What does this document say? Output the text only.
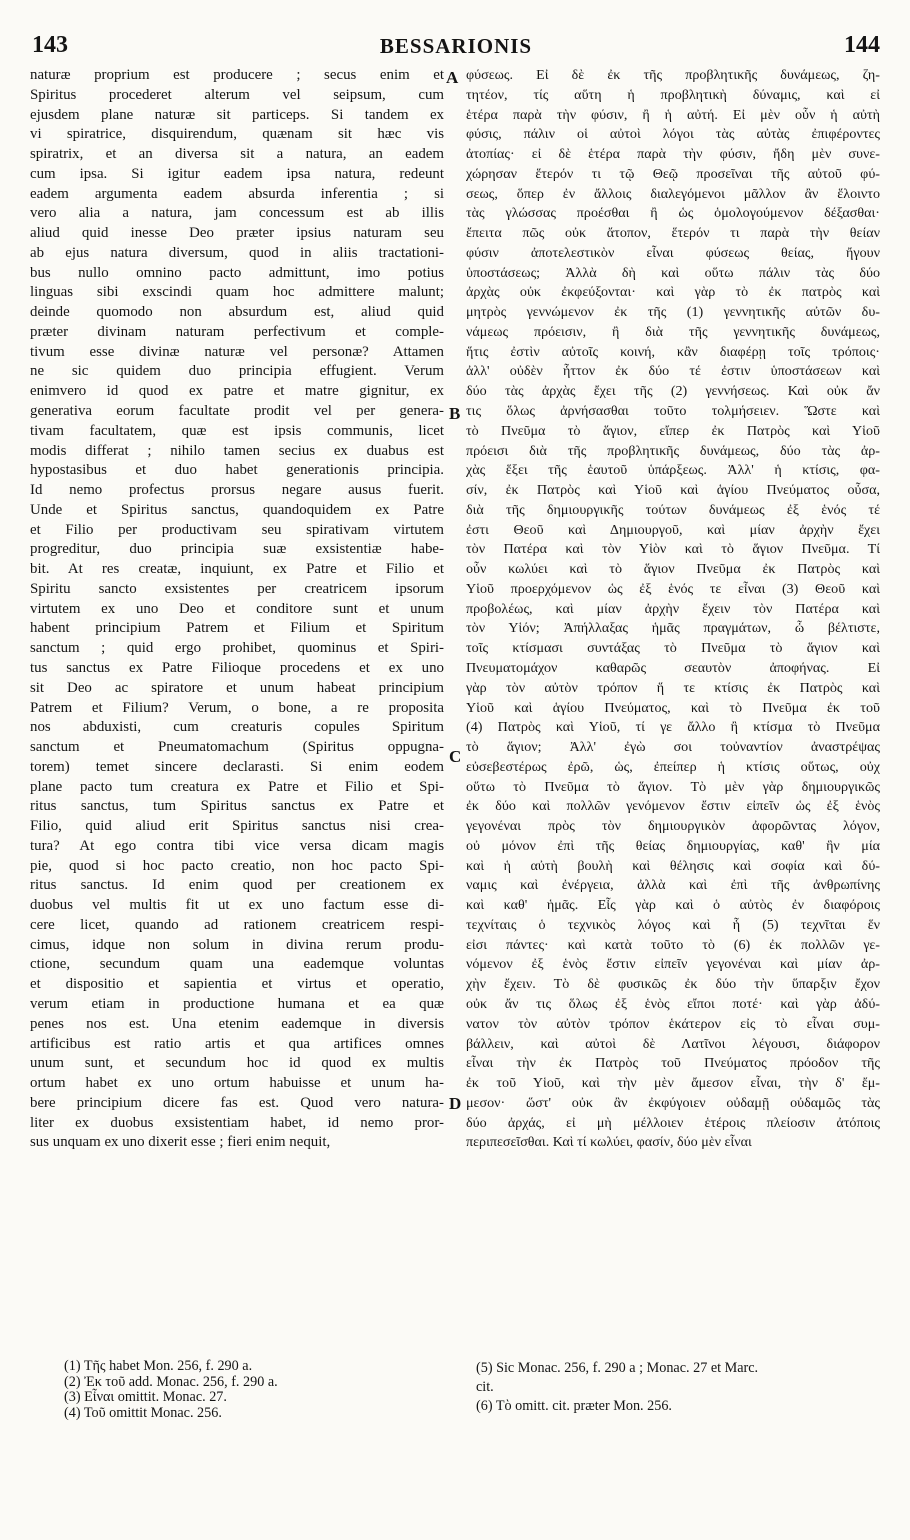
143	BESSARIONIS	144
naturæ proprium est producere ; secus enim et
Spiritus procederet alterum vel seipsum, cum
ejusdem plane naturæ sit particeps. Si tandem ex
vi spiratrice, disquirendum, quænam sit hæc vis
spiratrix, et an diversa sit a natura, an eadem
cum ipsa. Si igitur eadem ipsa natura, redeunt
eadem argumenta eadem absurda inferentia ; si
vero alia a natura, jam concessum est ab illis
aliud quid inesse Deo præter ipsius naturam seu
ab ejus natura diversum, quod in aliis tractationi-
bus nullo omnino pacto admittunt, imo potius
linguas sibi exscindi quam hoc admittere malunt;
deinde quomodo non absurdum est, aliud quid
præter divinam naturam perfectivum et comple-
tivum esse divinæ naturæ vel personæ? Attamen
ne sic quidem duo principia effugient. Verum
enimvero id quod ex patre et matre gignitur, ex
generativa eorum facultate prodit vel per genera-
tivam facultatem, quæ est ipsis communis, licet
modis differat ; nihilo tamen secius ex duabus est
hypostasibus et duo habet generationis principia.
Id nemo profectus prorsus negare ausus fuerit.
Unde et Spiritus sanctus, quandoquidem ex Patre
et Filio per productivam seu spirativam virtutem
progreditur, duo principia suæ exsistentiæ habe-
bit. At res creatæ, inquiunt, ex Patre et Filio et
Spiritu sancto exsistentes per creatricem ipsorum
virtutem ex uno Deo et conditore sunt et unum
habent principium Patrem et Filium et Spiritum
sanctum ; quid ergo prohibet, quominus et Spiri-
tus sanctus ex Patre Filioque procedens et ex uno
sit Deo ac spiratore et unum habeat principium
Patrem et Filium? Verum, o bone, a re proposita
nos abduxisti, cum creaturis copules Spiritum
sanctum et Pneumatomachum (Spiritus oppugna-
torem) temet sincere declarasti. Si enim eodem
plane pacto tum creatura ex Patre et Filio et Spi-
ritus sanctus, tum Spiritus sanctus ex Patre et
Filio, quid aliud erit Spiritus sanctus nisi crea-
tura? At ego contra tibi vice versa dicam magis
pie, quod si hoc pacto creatio, non hoc pacto Spi-
ritus sanctus. Id enim quod per creationem ex
duobus vel multis fit ut ex uno factum esse di-
cere licet, quando ad rationem creatricem respi-
cimus, idque non solum in divina rerum produ-
ctione, secundum quam una eademque voluntas
et dispositio et sapientia et virtus et operatio,
verum etiam in productione humana et ea quæ
penes nos est. Una etenim eademque in diversis
artificibus est ratio artis et qua artifices omnes
unum sunt, et secundum hoc id quod ex multis
ortum habet ex uno ortum habuisse et unum ha-
bere principium dicere fas est. Quod vero natura-
liter ex duobus exsistentiam habet, id nemo pror-
sus unquam ex uno dixerit esse ; fieri enim nequit,
φύσεως. Εἰ δὲ ἐκ τῆς προβλητικῆς δυνάμεως, ζη-
τητέον, τίς αὕτη ἡ προβλητικὴ δύναμις, καὶ εἰ
ἑτέρα παρὰ τὴν φύσιν, ἢ ἡ αὐτή. Εἰ μὲν οὖν ἡ αὐτὴ
φύσις, πάλιν οἱ αὐτοὶ λόγοι τὰς αὐτὰς ἐπιφέροντες
ἀτοπίας· εἰ δὲ ἑτέρα παρὰ τὴν φύσιν, ἤδη μὲν συνε-
χώρησαν ἕτερόν τι τῷ Θεῷ προσεῖναι τῆς αὐτοῦ φύ-
σεως, ὅπερ ἐν ἄλλοις διαλεγόμενοι μᾶλλον ἂν ἕλοιντο
τὰς γλώσσας προέσθαι ἢ ὡς ὁμολογούμενον δέξασθαι·
ἔπειτα πῶς οὐκ ἄτοπον, ἕτερόν τι παρὰ τὴν θείαν
φύσιν ἀποτελεστικὸν εἶναι φύσεως θείας, ἤγουν
ὑποστάσεως; Ἀλλὰ δὴ καὶ οὕτω πάλιν τὰς δύο
ἀρχὰς οὐκ ἐκφεύξονται· καὶ γὰρ τὸ ἐκ πατρὸς καὶ
μητρὸς γεννώμενον ἐκ τῆς (1) γεννητικῆς αὐτῶν δυ-
νάμεως πρόεισιν, ἢ διὰ τῆς γεννητικῆς δυνάμεως,
ἥτις ἐστὶν αὐτοῖς κοινή, κἂν διαφέρῃ τοῖς τρόποις·
ἀλλ' οὐδὲν ἧττον ἐκ δύο τέ ἐστιν ὑποστάσεων καὶ
δύο τὰς ἀρχὰς ἔχει τῆς (2) γεννήσεως. Καὶ οὐκ ἄν
τις ὅλως ἀρνήσασθαι τοῦτο τολμήσειεν. Ὥστε καὶ
τὸ Πνεῦμα τὸ ἅγιον, εἴπερ ἐκ Πατρὸς καὶ Υἱοῦ
πρόεισι διὰ τῆς προβλητικῆς δυνάμεως, δύο τὰς ἀρ-
χὰς ἕξει τῆς ἑαυτοῦ ὑπάρξεως. Ἀλλ' ἡ κτίσις, φα-
σίν, ἐκ Πατρὸς καὶ Υἱοῦ καὶ ἁγίου Πνεύματος οὖσα,
διὰ τῆς δημιουργικῆς τούτων δυνάμεως ἐξ ἑνός τέ
ἐστι Θεοῦ καὶ Δημιουργοῦ, καὶ μίαν ἀρχὴν ἔχει
τὸν Πατέρα καὶ τὸν Υἱὸν καὶ τὸ ἅγιον Πνεῦμα. Τί
οὖν κωλύει καὶ τὸ ἅγιον Πνεῦμα ἐκ Πατρὸς καὶ
Υἱοῦ προερχόμενον ὡς ἐξ ἑνός τε εἶναι (3) Θεοῦ καὶ
προβολέως, καὶ μίαν ἀρχὴν ἔχειν τὸν Πατέρα καὶ
τὸν Υἱόν; Ἀπήλλαξας ἡμᾶς πραγμάτων, ὦ βέλτιστε,
τοῖς κτίσμασι συντάξας τὸ Πνεῦμα τὸ ἅγιον καὶ
Πνευματομάχον καθαρῶς σεαυτὸν ἀποφήνας. Εἰ
γὰρ τὸν αὐτὸν τρόπον ἥ τε κτίσις ἐκ Πατρὸς καὶ
Υἱοῦ καὶ ἁγίου Πνεύματος, καὶ τὸ Πνεῦμα ἐκ τοῦ
(4) Πατρὸς καὶ Υἱοῦ, τί γε ἄλλο ἢ κτίσμα τὸ Πνεῦμα
τὸ ἅγιον; Ἀλλ' ἐγὼ σοι τοὐναντίον ἀναστρέψας
εὐσεβεστέρως ἐρῶ, ὡς, ἐπείπερ ἡ κτίσις οὕτως, οὐχ
οὕτω τὸ Πνεῦμα τὸ ἅγιον. Τὸ μὲν γὰρ δημιουργικῶς
ἐκ δύο καὶ πολλῶν γενόμενον ἔστιν εἰπεῖν ὡς ἐξ ἑνὸς
γεγονέναι πρὸς τὸν δημιουργικὸν ἀφορῶντας λόγον,
οὐ μόνον ἐπὶ τῆς θείας δημιουργίας, καθ' ἣν μία
καὶ ἡ αὐτὴ βουλὴ καὶ θέλησις καὶ σοφία καὶ δύ-
ναμις καὶ ἐνέργεια, ἀλλὰ καὶ ἐπὶ τῆς ἀνθρωπίνης
καὶ καθ' ἡμᾶς. Εἷς γὰρ καὶ ὁ αὐτὸς ἐν διαφόροις
τεχνίταις ὁ τεχνικὸς λόγος καὶ ἧ (5) τεχνῖται ἕν
εἰσι πάντες· καὶ κατὰ τοῦτο τὸ (6) ἐκ πολλῶν γε-
νόμενον ἐξ ἑνὸς ἔστιν εἰπεῖν γεγονέναι καὶ μίαν ἀρ-
χὴν ἔχειν. Τὸ δὲ φυσικῶς ἐκ δύο τὴν ὕπαρξιν ἔχον
οὐκ ἄν τις ὅλως ἐξ ἑνὸς εἴποι ποτέ· καὶ γὰρ ἀδύ-
νατον τὸν αὐτὸν τρόπον ἑκάτερον εἰς τὸ εἶναι συμ-
βάλλειν, καὶ αὐτοὶ δὲ Λατῖνοι λέγουσι, διάφορον
εἶναι τὴν ἐκ Πατρὸς τοῦ Πνεύματος πρόοδον τῆς
ἐκ τοῦ Υἱοῦ, καὶ τὴν μὲν ἄμεσον εἶναι, τὴν δ' ἔμ-
μεσον· ὥστ' οὐκ ἂν ἐκφύγοιεν οὐδαμῇ οὐδαμῶς τὰς
δύο ἀρχάς, εἰ μὴ μέλλοιεν ἑτέροις πλείοσιν ἀτόποις
περιπεσεῖσθαι. Καὶ τί κωλύει, φασίν, δύο μὲν εἶναι
A
B
C
D
(1) Τῆς habet Mon. 256, f. 290 a.
(2) Ἐκ τοῦ add. Monac. 256, f. 290 a.
(3) Εἶναι omittit. Monac. 27.
(4) Τοῦ omittit Monac. 256.
(5) Sic Monac. 256, f. 290 a ; Monac. 27 et Marc.
cit.
(6) Τὸ omitt. cit. præter Mon. 256.
